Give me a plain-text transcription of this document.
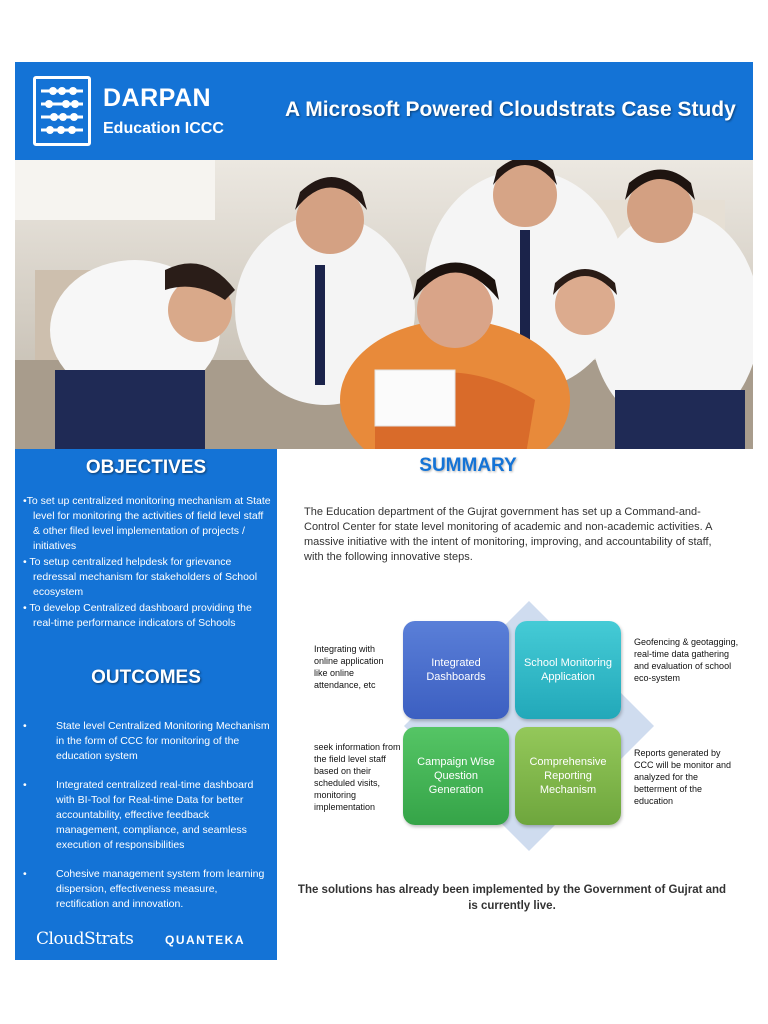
DARPAN
Education ICCC
A Microsoft Powered Cloudstrats Case Study
OBJECTIVES
•To set up centralized monitoring mechanism at State level for monitoring the activities of field level staff & other filed level implementation of projects / initiatives
• To setup centralized helpdesk for grievance redressal mechanism for stakeholders of School ecosystem
• To develop Centralized dashboard providing the real-time performance indicators of Schools
OUTCOMES
• State level Centralized Monitoring Mechanism in the form of CCC for monitoring of the education system
• Integrated centralized real-time dashboard with BI-Tool for Real-time Data for better accountability, effective feedback management, compliance, and seamless execution of responsibilities
• Cohesive management system from learning dispersion, effectiveness measure, rectification and innovation.
CloudStrats	QUANTEKA
SUMMARY
The Education department of the Gujrat government has set up a Command-and-Control Center for state level monitoring of academic and non-academic activities. A massive initiative with the intent of monitoring, improving, and accountability of staff, with the following innovative steps.
Integrated Dashboards
School Monitoring Application
Campaign Wise Question Generation
Comprehensive Reporting Mechanism
Integrating with online application like online attendance, etc
Geofencing & geotagging, real-time data gathering and evaluation of school eco-system
seek information from the field level staff based on their scheduled visits, monitoring implementation
Reports generated by CCC will be monitor and analyzed for the betterment of the education
The solutions has already been implemented by the Government of Gujrat and is currently live.
